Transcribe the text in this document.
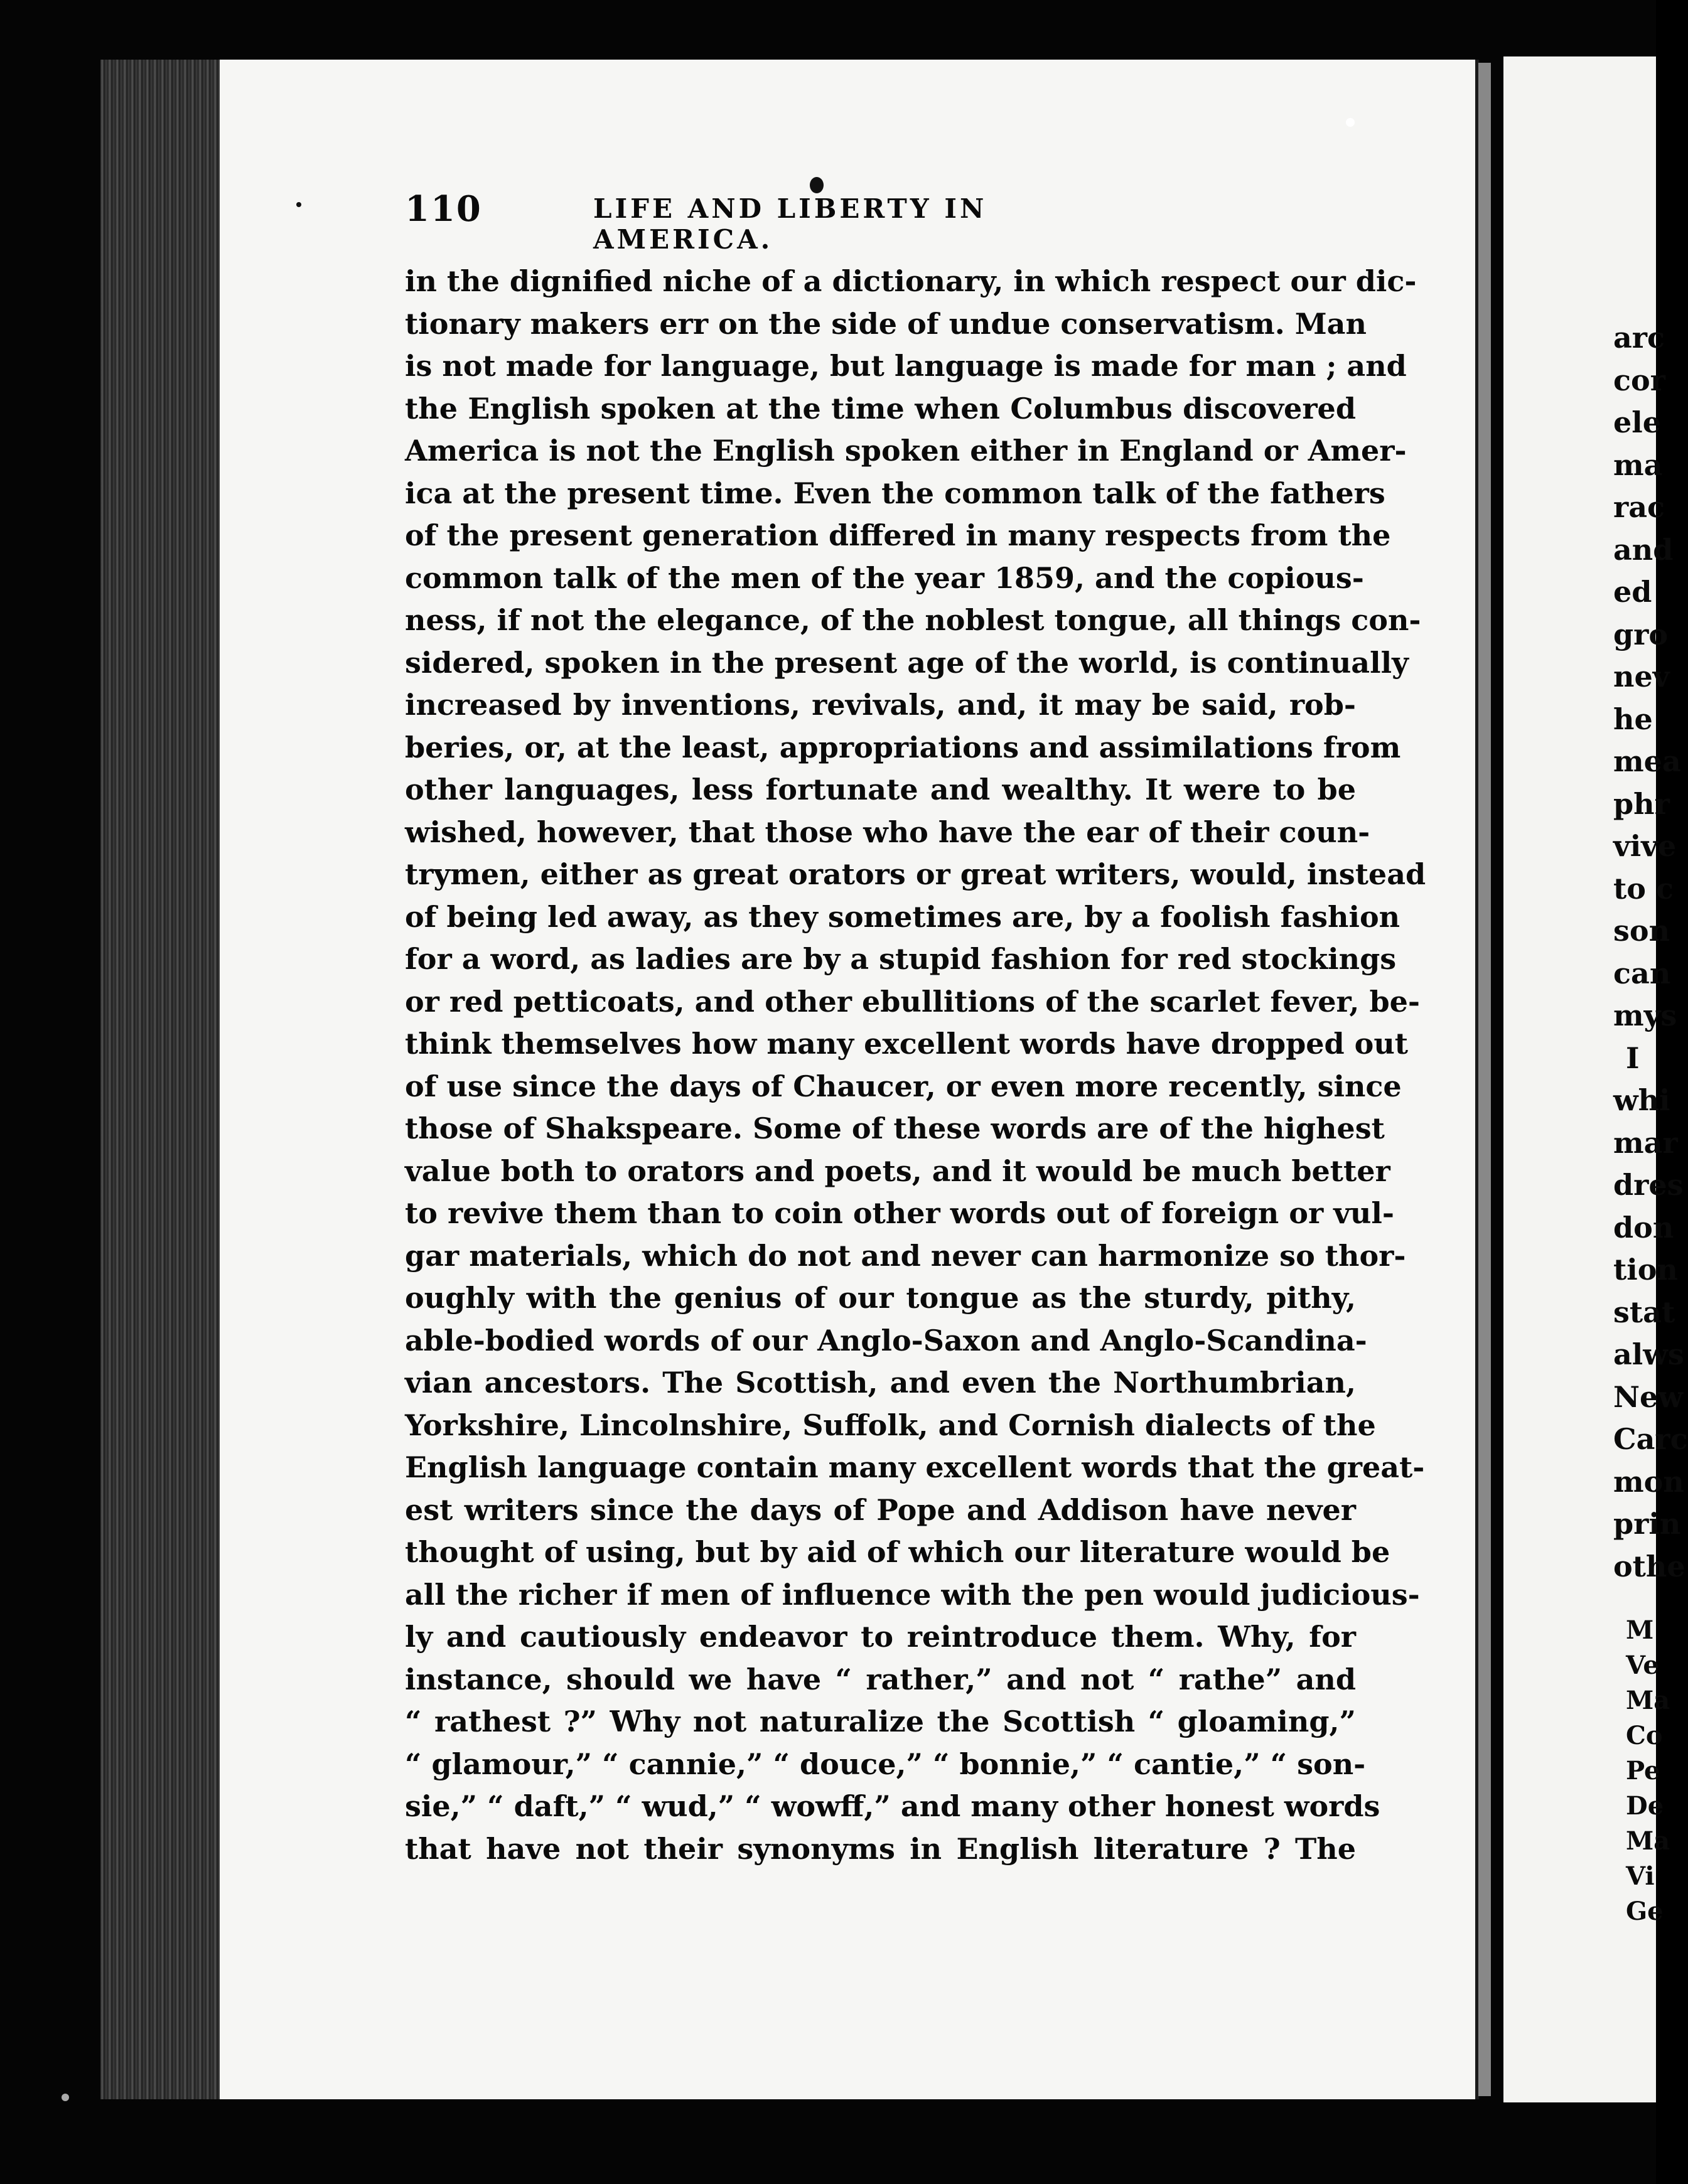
110	LIFE AND LIBERTY IN AMERICA.
in the dignified niche of a dictionary, in which respect our dic-
tionary makers err on the side of undue conservatism. Man
is not made for language, but language is made for man ; and
the English spoken at the time when Columbus discovered
America is not the English spoken either in England or Amer-
ica at the present time. Even the common talk of the fathers
of the present generation differed in many respects from the
common talk of the men of the year 1859, and the copious-
ness, if not the elegance, of the noblest tongue, all things con-
sidered, spoken in the present age of the world, is continually
increased by inventions, revivals, and, it may be said, rob-
beries, or, at the least, appropriations and assimilations from
other languages, less fortunate and wealthy. It were to be
wished, however, that those who have the ear of their coun-
trymen, either as great orators or great writers, would, instead
of being led away, as they sometimes are, by a foolish fashion
for a word, as ladies are by a stupid fashion for red stockings
or red petticoats, and other ebullitions of the scarlet fever, be-
think themselves how many excellent words have dropped out
of use since the days of Chaucer, or even more recently, since
those of Shakspeare. Some of these words are of the highest
value both to orators and poets, and it would be much better
to revive them than to coin other words out of foreign or vul-
gar materials, which do not and never can harmonize so thor-
oughly with the genius of our tongue as the sturdy, pithy,
able-bodied words of our Anglo-Saxon and Anglo-Scandina-
vian ancestors. The Scottish, and even the Northumbrian,
Yorkshire, Lincolnshire, Suffolk, and Cornish dialects of the
English language contain many excellent words that the great-
est writers since the days of Pope and Addison have never
thought of using, but by aid of which our literature would be
all the richer if men of influence with the pen would judicious-
ly and cautiously endeavor to reintroduce them. Why, for
instance, should we have “ rather,” and not “ rathe” and
“ rathest ?” Why not naturalize the Scottish “ gloaming,”
“ glamour,” “ cannie,” “ douce,” “ bonnie,” “ cantie,” “ son-
sie,” “ daft,” “ wud,” “ wowff,” and many other honest words
that have not their synonyms in English literature ? The
arc
cor
ele
ma
rac
and
ed
gro
nev
he
mea
phr
vive
to c
son
can
mys
I
whi
mar
dres
don
tion
stat
alws
New
Carc
mon
prin
othe
M
Ve
Ma
Co
Pe
De
Ma
Vi
Ge
